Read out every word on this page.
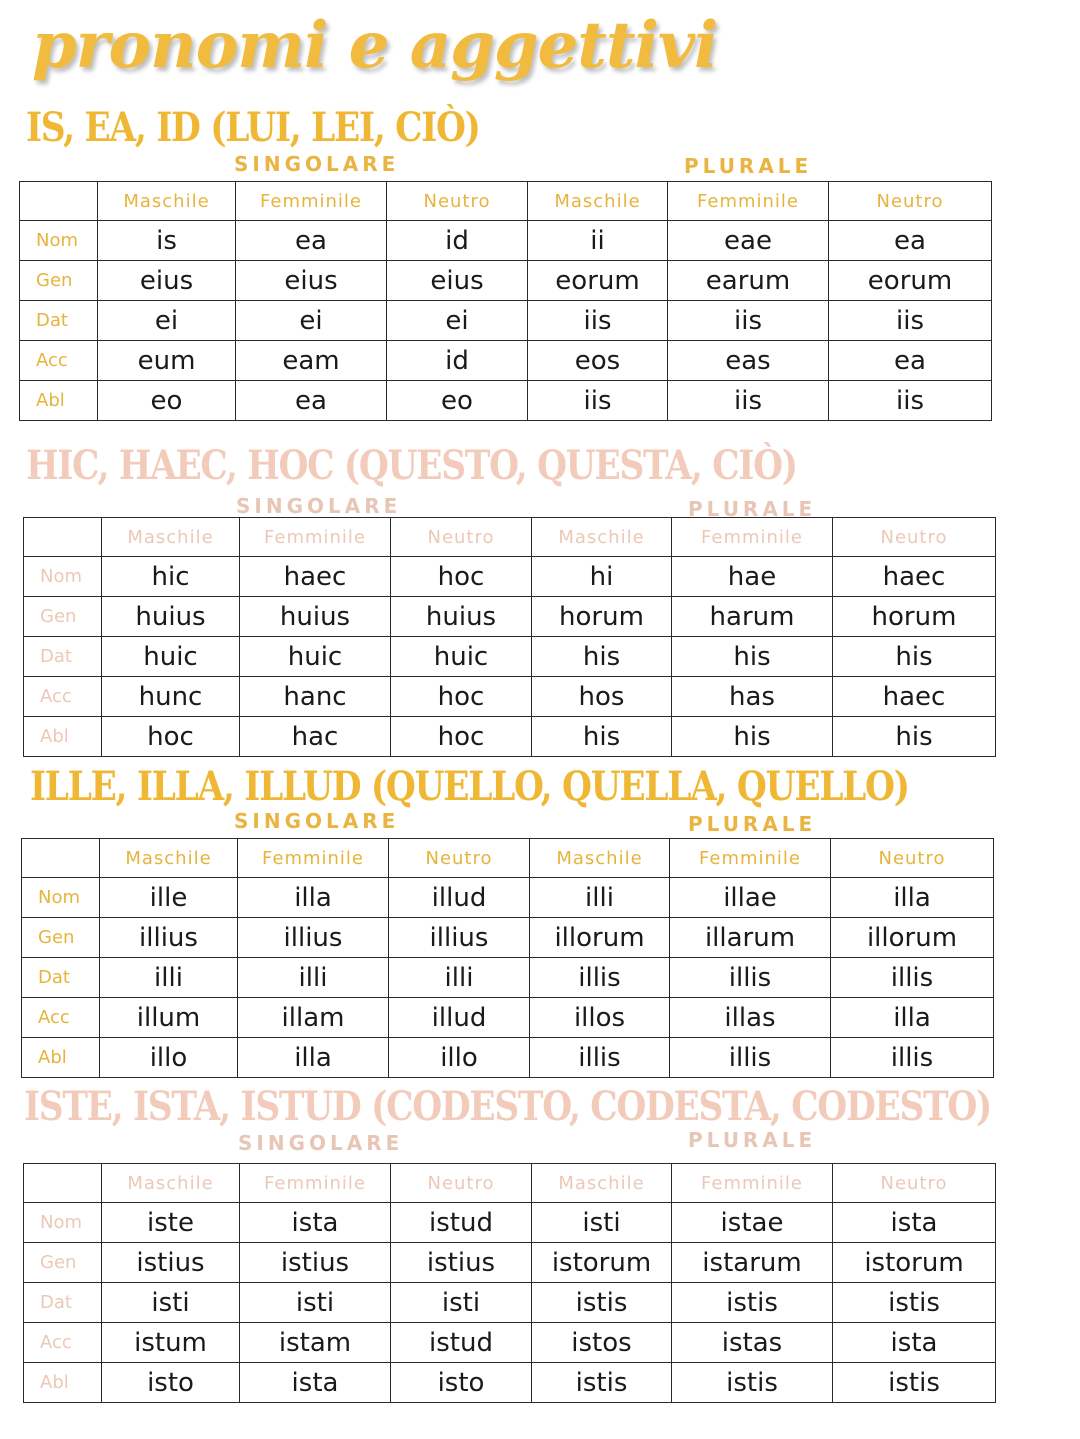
pronomi e aggettivi
IS, EA, ID (LUI, LEI, CIÒ)
SINGOLARE	PLURALE
	Maschile	Femminile	Neutro	Maschile	Femminile	Neutro
Nom	is	ea	id	ii	eae	ea
Gen	eius	eius	eius	eorum	earum	eorum
Dat	ei	ei	ei	iis	iis	iis
Acc	eum	eam	id	eos	eas	ea
Abl	eo	ea	eo	iis	iis	iis
HIC, HAEC, HOC (QUESTO, QUESTA, CIÒ)
SINGOLARE	PLURALE
	Maschile	Femminile	Neutro	Maschile	Femminile	Neutro
Nom	hic	haec	hoc	hi	hae	haec
Gen	huius	huius	huius	horum	harum	horum
Dat	huic	huic	huic	his	his	his
Acc	hunc	hanc	hoc	hos	has	haec
Abl	hoc	hac	hoc	his	his	his
ILLE, ILLA, ILLUD (QUELLO, QUELLA, QUELLO)
SINGOLARE	PLURALE
	Maschile	Femminile	Neutro	Maschile	Femminile	Neutro
Nom	ille	illa	illud	illi	illae	illa
Gen	illius	illius	illius	illorum	illarum	illorum
Dat	illi	illi	illi	illis	illis	illis
Acc	illum	illam	illud	illos	illas	illa
Abl	illo	illa	illo	illis	illis	illis
ISTE, ISTA, ISTUD (CODESTO, CODESTA, CODESTO)
SINGOLARE	PLURALE
	Maschile	Femminile	Neutro	Maschile	Femminile	Neutro
Nom	iste	ista	istud	isti	istae	ista
Gen	istius	istius	istius	istorum	istarum	istorum
Dat	isti	isti	isti	istis	istis	istis
Acc	istum	istam	istud	istos	istas	ista
Abl	isto	ista	isto	istis	istis	istis
